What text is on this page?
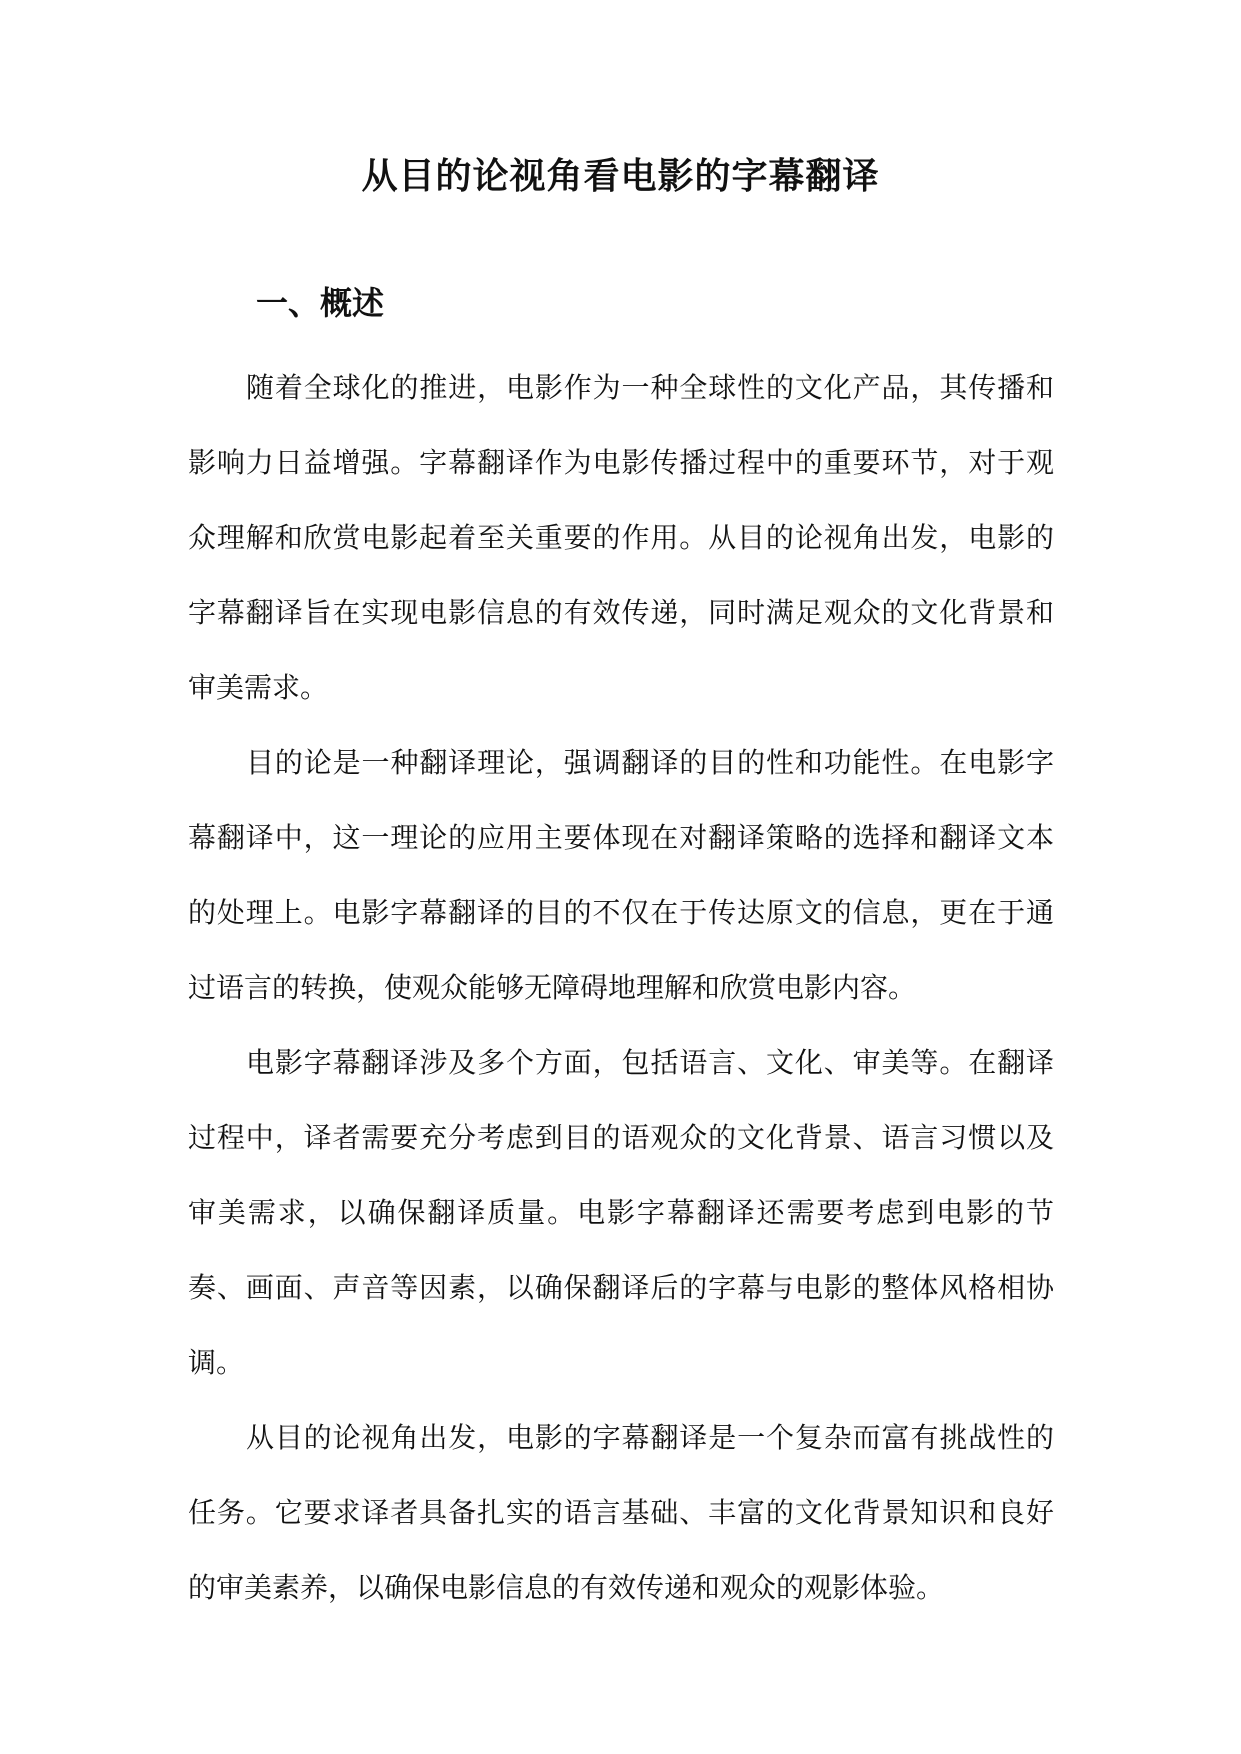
从目的论视角看电影的字幕翻译
一、概述

随着全球化的推进，电影作为一种全球性的文化产品，其传播和影响力日益增强。字幕翻译作为电影传播过程中的重要环节，对于观众理解和欣赏电影起着至关重要的作用。从目的论视角出发，电影的字幕翻译旨在实现电影信息的有效传递，同时满足观众的文化背景和审美需求。

目的论是一种翻译理论，强调翻译的目的性和功能性。在电影字幕翻译中，这一理论的应用主要体现在对翻译策略的选择和翻译文本的处理上。电影字幕翻译的目的不仅在于传达原文的信息，更在于通过语言的转换，使观众能够无障碍地理解和欣赏电影内容。

电影字幕翻译涉及多个方面，包括语言、文化、审美等。在翻译过程中，译者需要充分考虑到目的语观众的文化背景、语言习惯以及审美需求，以确保翻译质量。电影字幕翻译还需要考虑到电影的节奏、画面、声音等因素，以确保翻译后的字幕与电影的整体风格相协调。

从目的论视角出发，电影的字幕翻译是一个复杂而富有挑战性的任务。它要求译者具备扎实的语言基础、丰富的文化背景知识和良好的审美素养，以确保电影信息的有效传递和观众的观影体验。
